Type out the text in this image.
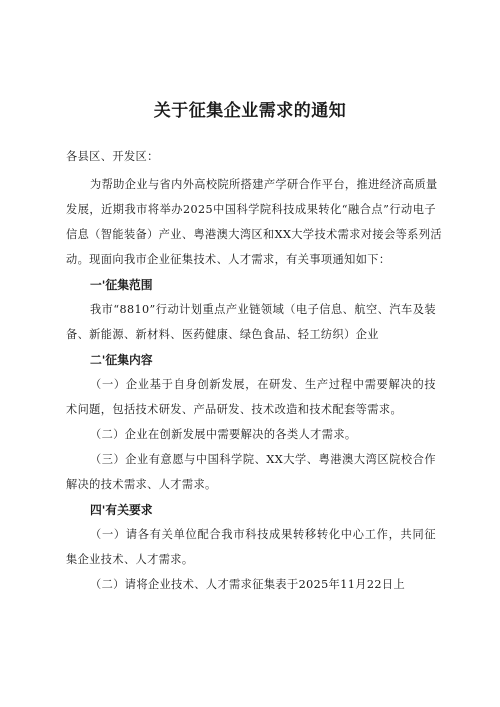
关于征集企业需求的通知
各县区、开发区：
为帮助企业与省内外高校院所搭建产学研合作平台，推进经济高质量
发展，近期我市将举办2025中国科学院科技成果转化“融合点”行动电子
信息（智能装备）产业、粤港澳大湾区和XX大学技术需求对接会等系列活
动。现面向我市企业征集技术、人才需求，有关事项通知如下：
一'征集范围
我市“8810”行动计划重点产业链领域（电子信息、航空、汽车及装
备、新能源、新材料、医药健康、绿色食品、轻工纺织）企业
二'征集内容
（一）企业基于自身创新发展，在研发、生产过程中需要解决的技
术问题，包括技术研发、产品研发、技术改造和技术配套等需求。
（二）企业在创新发展中需要解决的各类人才需求。
（三）企业有意愿与中国科学院、XX大学、粤港澳大湾区院校合作
解决的技术需求、人才需求。
四'有关要求
（一）请各有关单位配合我市科技成果转移转化中心工作，共同征
集企业技术、人才需求。
（二）请将企业技术、人才需求征集表于2025年11月22日上
